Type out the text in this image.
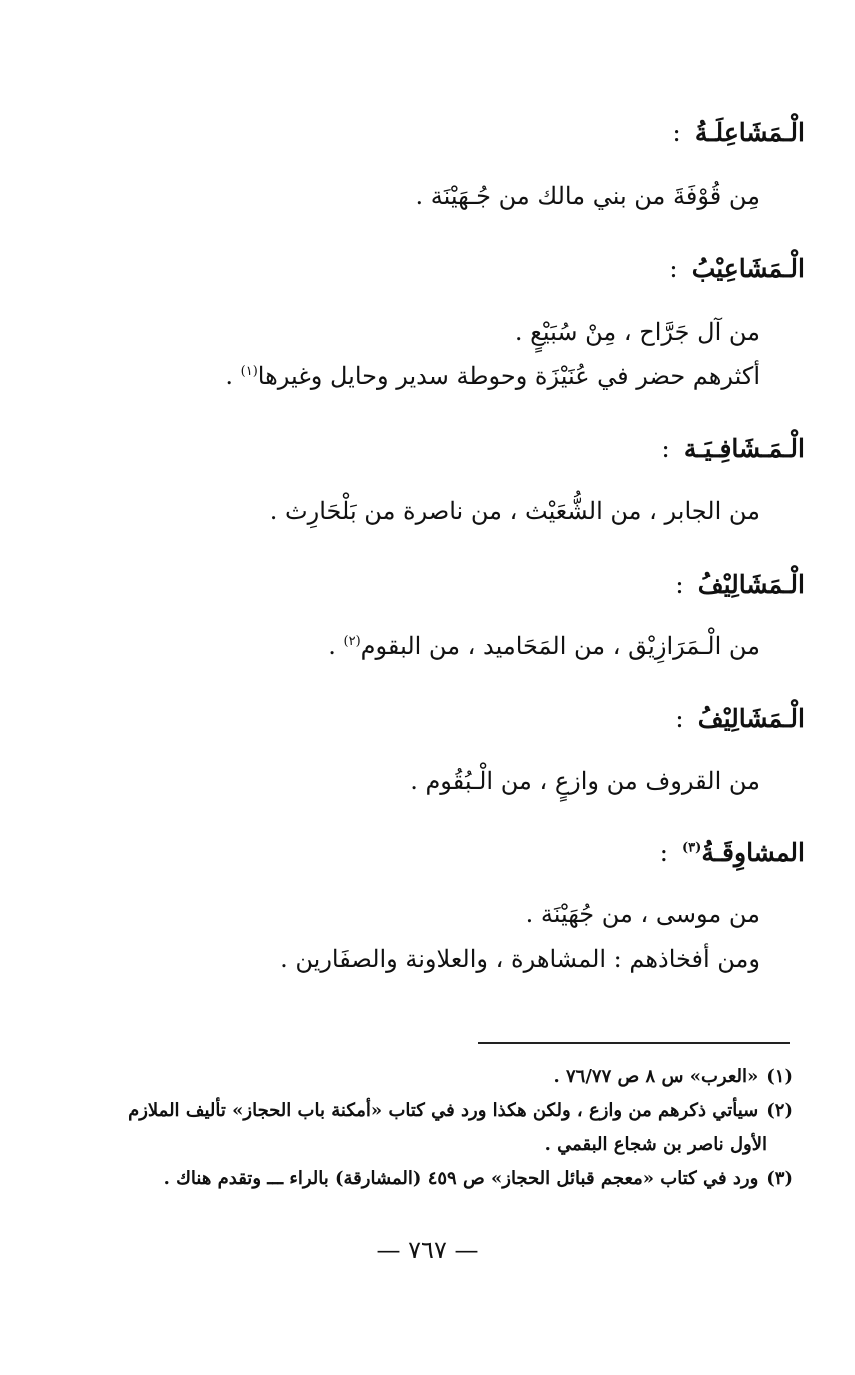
الْـمَشَاعِلَـةُ:
مِن قُوْفَةَ من بني مالك من جُـهَيْنَة .
الْـمَشَاعِيْبُ:
من آل جَرَّاح ، مِنْ سُبَيْعٍ .
أكثرهم حضر في عُنَيْزَة وحوطة سدير وحايل وغيرها$^{(١)}$ .
الْـمَـشَافِـيَـة:
من الجابر ، من الشُّعَيْث ، من ناصرة من بَلْحَارِث .
الْـمَشَالِيْفُ:
من الْـمَرَازِيْق ، من المَحَاميد ، من البقوم$^{(٢)}$ .
الْـمَشَالِيْفُ:
من القروف من وازعٍ ، من الْـبُقُوم .
المشاوِقَـةُ$^{(٣)}$:
من موسى ، من جُهَيْنَة .
ومن أفخاذهم : المشاهرة ، والعلاونة والصفَارين .
(١)«العرب» س ٨ ص ٧٦/٧٧ .
(٢)سيأتي ذكرهم من وازع ، ولكن هكذا ورد في كتاب «أمكنة باب الحجاز» تأليف الملازم
الأول ناصر بن شجاع البقمي .
(٣)ورد في كتاب «معجم قبائل الحجاز» ص ٤٥٩ (المشارقة) بالراء ـــ وتقدم هناك .
— ٧٦٧ —
